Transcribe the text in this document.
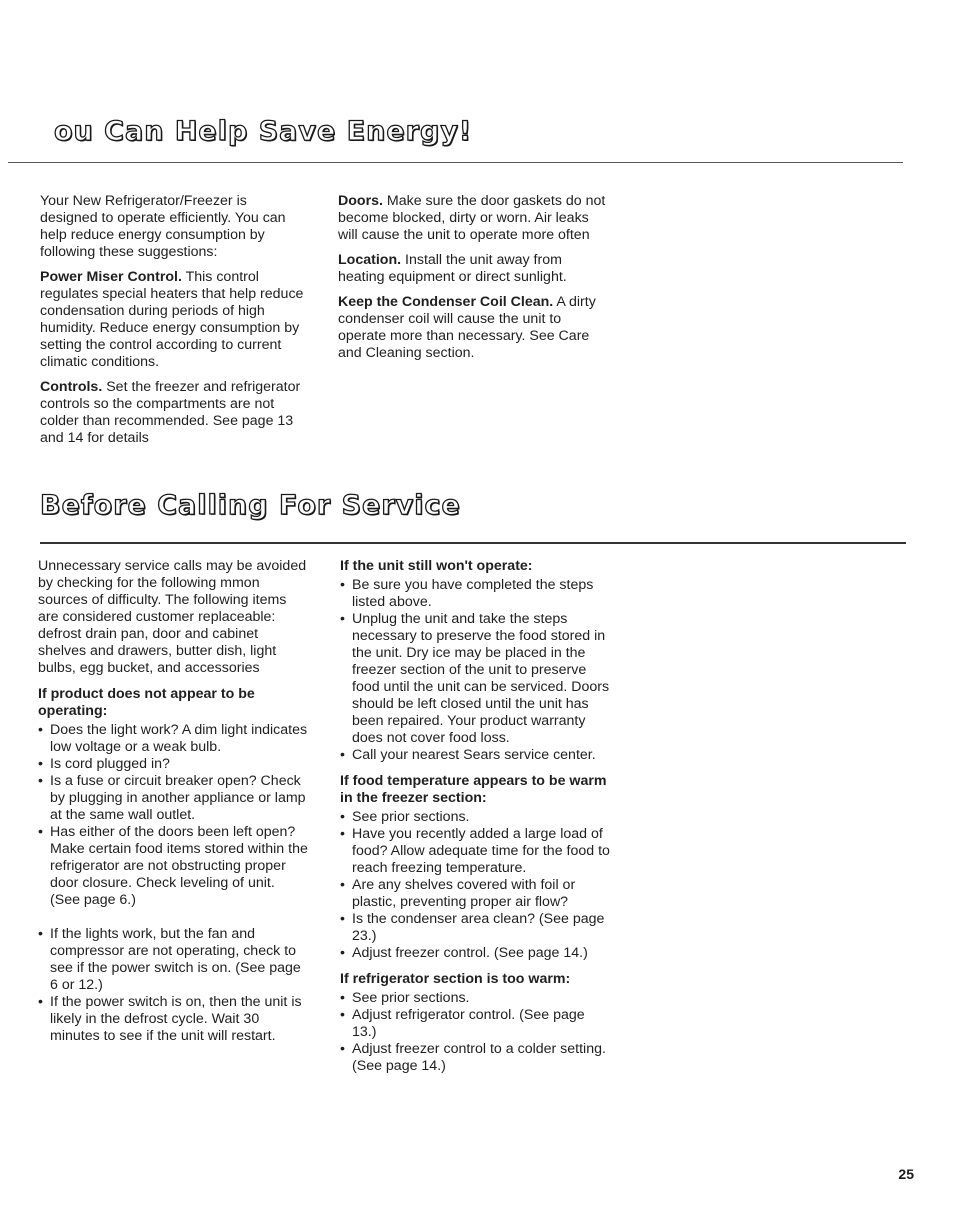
ou Can Help Save Energy!

Your New Refrigerator/Freezer is designed to operate efficiently. You can help reduce energy consumption by following these suggestions:

Power Miser Control. This control regulates special heaters that help reduce condensation during periods of high humidity. Reduce energy consumption by setting the control according to current climatic conditions.

Controls. Set the freezer and refrigerator controls so the compartments are not colder than recommended. See page 13 and 14 for details

Doors. Make sure the door gaskets do not become blocked, dirty or worn. Air leaks will cause the unit to operate more often

Location. Install the unit away from heating equipment or direct sunlight.

Keep the Condenser Coil Clean. A dirty condenser coil will cause the unit to operate more than necessary. See Care and Cleaning section.

Before Calling For Service

Unnecessary service calls may be avoided by checking for the following mmon sources of difficulty. The following items are considered customer replaceable: defrost drain pan, door and cabinet shelves and drawers, butter dish, light bulbs, egg bucket, and accessories

If product does not appear to be operating:
• Does the light work? A dim light indicates low voltage or a weak bulb.
• Is cord plugged in?
• Is a fuse or circuit breaker open? Check by plugging in another appliance or lamp at the same wall outlet.
• Has either of the doors been left open? Make certain food items stored within the refrigerator are not obstructing proper door closure. Check leveling of unit. (See page 6.)
• If the lights work, but the fan and compressor are not operating, check to see if the power switch is on. (See page 6 or 12.)
• If the power switch is on, then the unit is likely in the defrost cycle. Wait 30 minutes to see if the unit will restart.
If the unit still won't operate:
• Be sure you have completed the steps listed above.
• Unplug the unit and take the steps necessary to preserve the food stored in the unit. Dry ice may be placed in the freezer section of the unit to preserve food until the unit can be serviced. Doors should be left closed until the unit has been repaired. Your product warranty does not cover food loss.
• Call your nearest Sears service center.
If food temperature appears to be warm in the freezer section:
• See prior sections.
• Have you recently added a large load of food? Allow adequate time for the food to reach freezing temperature.
• Are any shelves covered with foil or plastic, preventing proper air flow?
• Is the condenser area clean? (See page 23.)
• Adjust freezer control. (See page 14.)
If refrigerator section is too warm:
• See prior sections.
• Adjust refrigerator control. (See page 13.)
• Adjust freezer control to a colder setting. (See page 14.)
25
